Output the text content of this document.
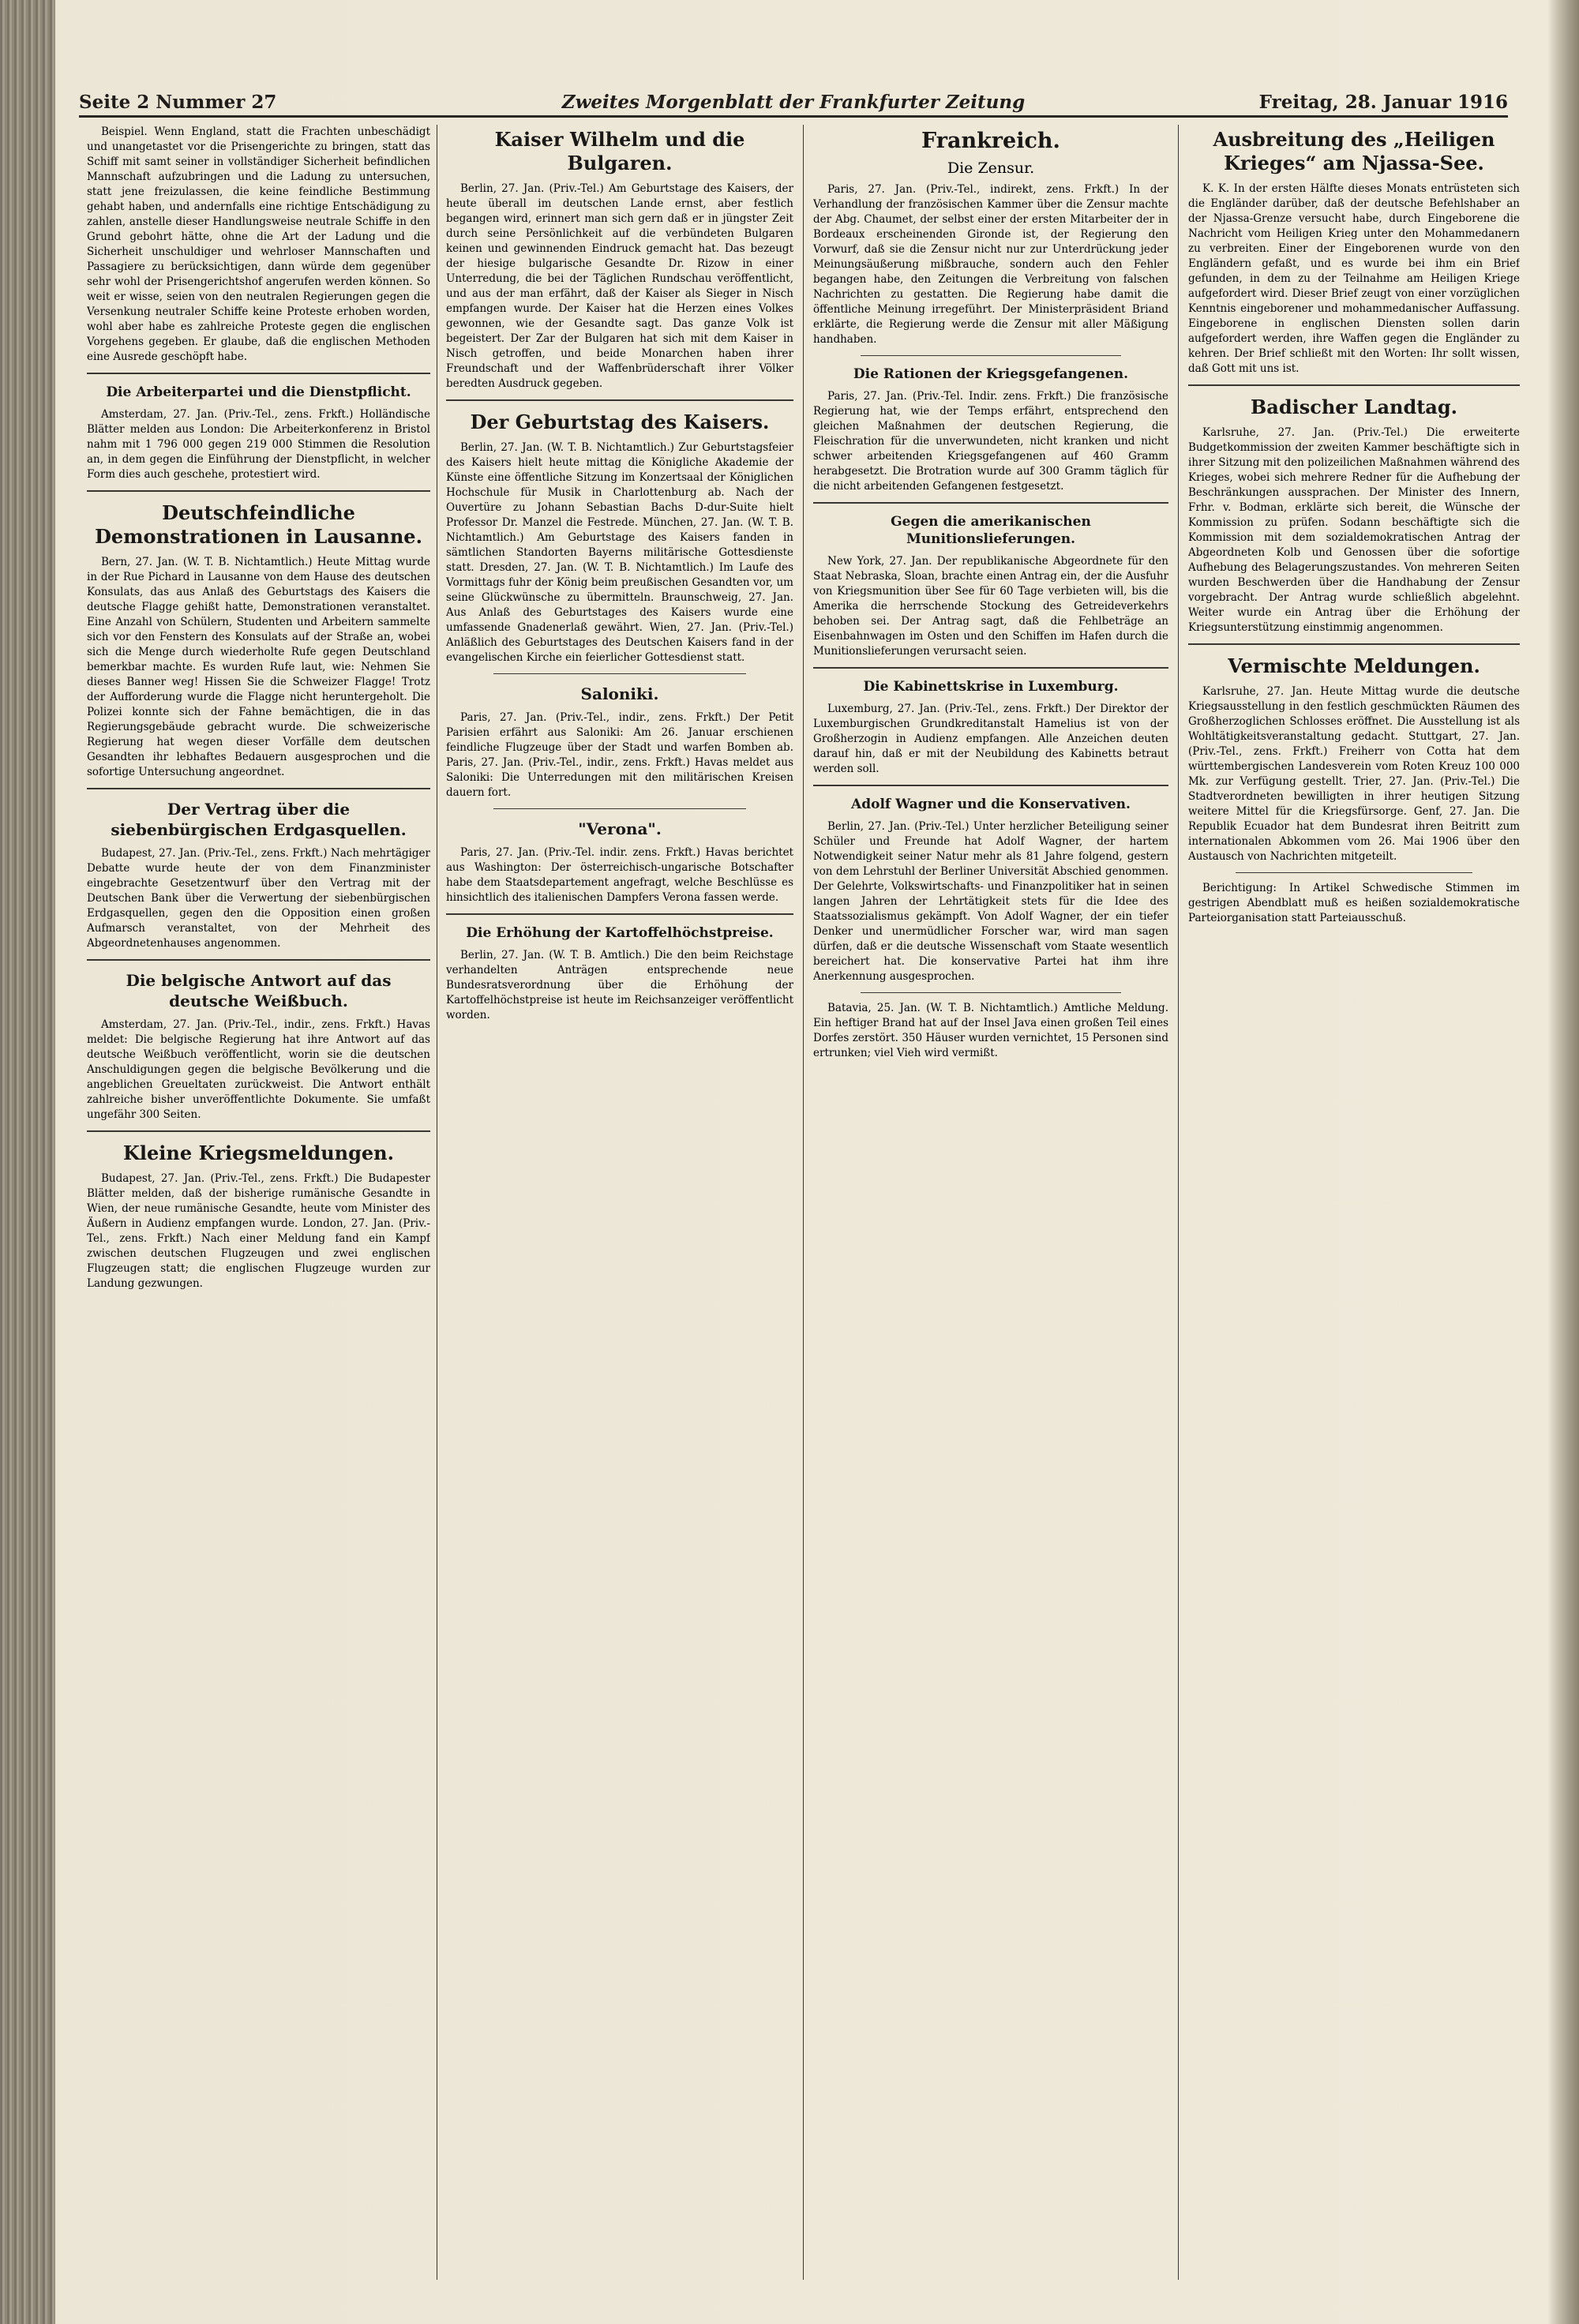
Seite 2 Nummer 27	Zweites Morgenblatt der Frankfurter Zeitung	Freitag, 28. Januar 1916

Beispiel. Wenn England, statt die Frachten unbeschädigt und unangetastet vor die Prisengerichte zu bringen, statt das Schiff mit samt seiner in vollständiger Sicherheit befindlichen Mannschaft aufzubringen und die Ladung zu untersuchen, statt jene freizulassen, die keine feindliche Bestimmung gehabt haben, und andernfalls eine richtige Entschädigung zu zahlen, anstelle dieser Handlungsweise neutrale Schiffe in den Grund gebohrt hätte, ohne die Art der Ladung und die Sicherheit unschuldiger und wehrloser Mannschaften und Passagiere zu berücksichtigen, dann würde dem gegenüber sehr wohl der Prisengerichtshof angerufen werden können. So weit er wisse, seien von den neutralen Regierungen gegen die Versenkung neutraler Schiffe keine Proteste erhoben worden, wohl aber habe es zahlreiche Proteste gegen die englischen Vorgehens gegeben. Er glaube, daß die englischen Methoden eine Ausrede geschöpft habe.

Die Arbeiterpartei und die Dienstpflicht.

Amsterdam, 27. Jan. (Priv.-Tel., zens. Frkft.) Holländische Blätter melden aus London: Die Arbeiterkonferenz in Bristol nahm mit 1 796 000 gegen 219 000 Stimmen die Resolution an, in dem gegen die Einführung der Dienstpflicht, in welcher Form dies auch geschehe, protestiert wird.

Deutschfeindliche Demonstrationen in Lausanne.

Bern, 27. Jan. (W. T. B. Nichtamtlich.) Heute Mittag wurde in der Rue Pichard in Lausanne von dem Hause des deutschen Konsulats, das aus Anlaß des Geburtstags des Kaisers die deutsche Flagge gehißt hatte, Demonstrationen veranstaltet. Eine Anzahl von Schülern, Studenten und Arbeitern sammelte sich vor den Fenstern des Konsulats auf der Straße an, wobei sich die Menge durch wiederholte Rufe gegen Deutschland bemerkbar machte. Es wurden Rufe laut, wie: Nehmen Sie dieses Banner weg! Hissen Sie die Schweizer Flagge! Trotz der Aufforderung wurde die Flagge nicht heruntergeholt. Die Polizei konnte sich der Fahne bemächtigen, die in das Regierungsgebäude gebracht wurde. Die schweizerische Regierung hat wegen dieser Vorfälle dem deutschen Gesandten ihr lebhaftes Bedauern ausgesprochen und die sofortige Untersuchung angeordnet.

Der Vertrag über die siebenbürgischen Erdgasquellen.

Budapest, 27. Jan. (Priv.-Tel., zens. Frkft.) Nach mehrtägiger Debatte wurde heute der von dem Finanzminister eingebrachte Gesetzentwurf über den Vertrag mit der Deutschen Bank über die Verwertung der siebenbürgischen Erdgasquellen, gegen den die Opposition einen großen Aufmarsch veranstaltet, von der Mehrheit des Abgeordnetenhauses angenommen.

Die belgische Antwort auf das deutsche Weißbuch.

Amsterdam, 27. Jan. (Priv.-Tel., indir., zens. Frkft.) Havas meldet: Die belgische Regierung hat ihre Antwort auf das deutsche Weißbuch veröffentlicht, worin sie die deutschen Anschuldigungen gegen die belgische Bevölkerung und die angeblichen Greueltaten zurückweist. Die Antwort enthält zahlreiche bisher unveröffentlichte Dokumente. Sie umfaßt ungefähr 300 Seiten.

Kleine Kriegsmeldungen.

Budapest, 27. Jan. (Priv.-Tel., zens. Frkft.) Die Budapester Blätter melden, daß der bisherige rumänische Gesandte in Wien, der neue rumänische Gesandte, heute vom Minister des Äußern in Audienz empfangen wurde. London, 27. Jan. (Priv.-Tel., zens. Frkft.) Nach einer Meldung fand ein Kampf zwischen deutschen Flugzeugen und zwei englischen Flugzeugen statt; die englischen Flugzeuge wurden zur Landung gezwungen.

Kaiser Wilhelm und die Bulgaren.

Berlin, 27. Jan. (Priv.-Tel.) Am Geburtstage des Kaisers, der heute überall im deutschen Lande ernst, aber festlich begangen wird, erinnert man sich gern daß er in jüngster Zeit durch seine Persönlichkeit auf die verbündeten Bulgaren keinen und gewinnenden Eindruck gemacht hat. Das bezeugt der hiesige bulgarische Gesandte Dr. Rizow in einer Unterredung, die bei der Täglichen Rundschau veröffentlicht, und aus der man erfährt, daß der Kaiser als Sieger in Nisch empfangen wurde. Der Kaiser hat die Herzen eines Volkes gewonnen, wie der Gesandte sagt. Das ganze Volk ist begeistert. Der Zar der Bulgaren hat sich mit dem Kaiser in Nisch getroffen, und beide Monarchen haben ihrer Freundschaft und der Waffenbrüderschaft ihrer Völker beredten Ausdruck gegeben.

Der Geburtstag des Kaisers.

Berlin, 27. Jan. (W. T. B. Nichtamtlich.) Zur Geburtstagsfeier des Kaisers hielt heute mittag die Königliche Akademie der Künste eine öffentliche Sitzung im Konzertsaal der Königlichen Hochschule für Musik in Charlottenburg ab. Nach der Ouvertüre zu Johann Sebastian Bachs D-dur-Suite hielt Professor Dr. Manzel die Festrede. München, 27. Jan. (W. T. B. Nichtamtlich.) Am Geburtstage des Kaisers fanden in sämtlichen Standorten Bayerns militärische Gottesdienste statt. Dresden, 27. Jan. (W. T. B. Nichtamtlich.) Im Laufe des Vormittags fuhr der König beim preußischen Gesandten vor, um seine Glückwünsche zu übermitteln. Braunschweig, 27. Jan. Aus Anlaß des Geburtstages des Kaisers wurde eine umfassende Gnadenerlaß gewährt. Wien, 27. Jan. (Priv.-Tel.) Anläßlich des Geburtstages des Deutschen Kaisers fand in der evangelischen Kirche ein feierlicher Gottesdienst statt.

Saloniki.

Paris, 27. Jan. (Priv.-Tel., indir., zens. Frkft.) Der Petit Parisien erfährt aus Saloniki: Am 26. Januar erschienen feindliche Flugzeuge über der Stadt und warfen Bomben ab. Paris, 27. Jan. (Priv.-Tel., indir., zens. Frkft.) Havas meldet aus Saloniki: Die Unterredungen mit den militärischen Kreisen dauern fort.

"Verona".

Paris, 27. Jan. (Priv.-Tel. indir. zens. Frkft.) Havas berichtet aus Washington: Der österreichisch-ungarische Botschafter habe dem Staatsdepartement angefragt, welche Beschlüsse es hinsichtlich des italienischen Dampfers Verona fassen werde.

Die Erhöhung der Kartoffelhöchstpreise.

Berlin, 27. Jan. (W. T. B. Amtlich.) Die den beim Reichstage verhandelten Anträgen entsprechende neue Bundesratsverordnung über die Erhöhung der Kartoffelhöchstpreise ist heute im Reichsanzeiger veröffentlicht worden.

Frankreich.
Die Zensur.

Paris, 27. Jan. (Priv.-Tel., indirekt, zens. Frkft.) In der Verhandlung der französischen Kammer über die Zensur machte der Abg. Chaumet, der selbst einer der ersten Mitarbeiter der in Bordeaux erscheinenden Gironde ist, der Regierung den Vorwurf, daß sie die Zensur nicht nur zur Unterdrückung jeder Meinungsäußerung mißbrauche, sondern auch den Fehler begangen habe, den Zeitungen die Verbreitung von falschen Nachrichten zu gestatten. Die Regierung habe damit die öffentliche Meinung irregeführt. Der Ministerpräsident Briand erklärte, die Regierung werde die Zensur mit aller Mäßigung handhaben.

Die Rationen der Kriegsgefangenen.

Paris, 27. Jan. (Priv.-Tel. Indir. zens. Frkft.) Die französische Regierung hat, wie der Temps erfährt, entsprechend den gleichen Maßnahmen der deutschen Regierung, die Fleischration für die unverwundeten, nicht kranken und nicht schwer arbeitenden Kriegsgefangenen auf 460 Gramm herabgesetzt. Die Brotration wurde auf 300 Gramm täglich für die nicht arbeitenden Gefangenen festgesetzt.

Gegen die amerikanischen Munitionslieferungen.

New York, 27. Jan. Der republikanische Abgeordnete für den Staat Nebraska, Sloan, brachte einen Antrag ein, der die Ausfuhr von Kriegsmunition über See für 60 Tage verbieten will, bis die Amerika die herrschende Stockung des Getreideverkehrs behoben sei. Der Antrag sagt, daß die Fehlbeträge an Eisenbahnwagen im Osten und den Schiffen im Hafen durch die Munitionslieferungen verursacht seien.

Die Kabinettskrise in Luxemburg.

Luxemburg, 27. Jan. (Priv.-Tel., zens. Frkft.) Der Direktor der Luxemburgischen Grundkreditanstalt Hamelius ist von der Großherzogin in Audienz empfangen. Alle Anzeichen deuten darauf hin, daß er mit der Neubildung des Kabinetts betraut werden soll.

Adolf Wagner und die Konservativen.

Berlin, 27. Jan. (Priv.-Tel.) Unter herzlicher Beteiligung seiner Schüler und Freunde hat Adolf Wagner, der hartem Notwendigkeit seiner Natur mehr als 81 Jahre folgend, gestern von dem Lehrstuhl der Berliner Universität Abschied genommen. Der Gelehrte, Volkswirtschafts- und Finanzpolitiker hat in seinen langen Jahren der Lehrtätigkeit stets für die Idee des Staatssozialismus gekämpft. Von Adolf Wagner, der ein tiefer Denker und unermüdlicher Forscher war, wird man sagen dürfen, daß er die deutsche Wissenschaft vom Staate wesentlich bereichert hat. Die konservative Partei hat ihm ihre Anerkennung ausgesprochen.

Batavia, 25. Jan. (W. T. B. Nichtamtlich.) Amtliche Meldung. Ein heftiger Brand hat auf der Insel Java einen großen Teil eines Dorfes zerstört. 350 Häuser wurden vernichtet, 15 Personen sind ertrunken; viel Vieh wird vermißt.

Ausbreitung des „Heiligen Krieges“ am Njassa-See.

K. K. In der ersten Hälfte dieses Monats entrüsteten sich die Engländer darüber, daß der deutsche Befehlshaber an der Njassa-Grenze versucht habe, durch Eingeborene die Nachricht vom Heiligen Krieg unter den Mohammedanern zu verbreiten. Einer der Eingeborenen wurde von den Engländern gefaßt, und es wurde bei ihm ein Brief gefunden, in dem zu der Teilnahme am Heiligen Kriege aufgefordert wird. Dieser Brief zeugt von einer vorzüglichen Kenntnis eingeborener und mohammedanischer Auffassung. Eingeborene in englischen Diensten sollen darin aufgefordert werden, ihre Waffen gegen die Engländer zu kehren. Der Brief schließt mit den Worten: Ihr sollt wissen, daß Gott mit uns ist.

Badischer Landtag.

Karlsruhe, 27. Jan. (Priv.-Tel.) Die erweiterte Budgetkommission der zweiten Kammer beschäftigte sich in ihrer Sitzung mit den polizeilichen Maßnahmen während des Krieges, wobei sich mehrere Redner für die Aufhebung der Beschränkungen aussprachen. Der Minister des Innern, Frhr. v. Bodman, erklärte sich bereit, die Wünsche der Kommission zu prüfen. Sodann beschäftigte sich die Kommission mit dem sozialdemokratischen Antrag der Abgeordneten Kolb und Genossen über die sofortige Aufhebung des Belagerungszustandes. Von mehreren Seiten wurden Beschwerden über die Handhabung der Zensur vorgebracht. Der Antrag wurde schließlich abgelehnt. Weiter wurde ein Antrag über die Erhöhung der Kriegsunterstützung einstimmig angenommen.

Vermischte Meldungen.

Karlsruhe, 27. Jan. Heute Mittag wurde die deutsche Kriegsausstellung in den festlich geschmückten Räumen des Großherzoglichen Schlosses eröffnet. Die Ausstellung ist als Wohltätigkeitsveranstaltung gedacht. Stuttgart, 27. Jan. (Priv.-Tel., zens. Frkft.) Freiherr von Cotta hat dem württembergischen Landesverein vom Roten Kreuz 100 000 Mk. zur Verfügung gestellt. Trier, 27. Jan. (Priv.-Tel.) Die Stadtverordneten bewilligten in ihrer heutigen Sitzung weitere Mittel für die Kriegsfürsorge. Genf, 27. Jan. Die Republik Ecuador hat dem Bundesrat ihren Beitritt zum internationalen Abkommen vom 26. Mai 1906 über den Austausch von Nachrichten mitgeteilt.

Berichtigung: In Artikel Schwedische Stimmen im gestrigen Abendblatt muß es heißen sozialdemokratische Parteiorganisation statt Parteiausschuß.
